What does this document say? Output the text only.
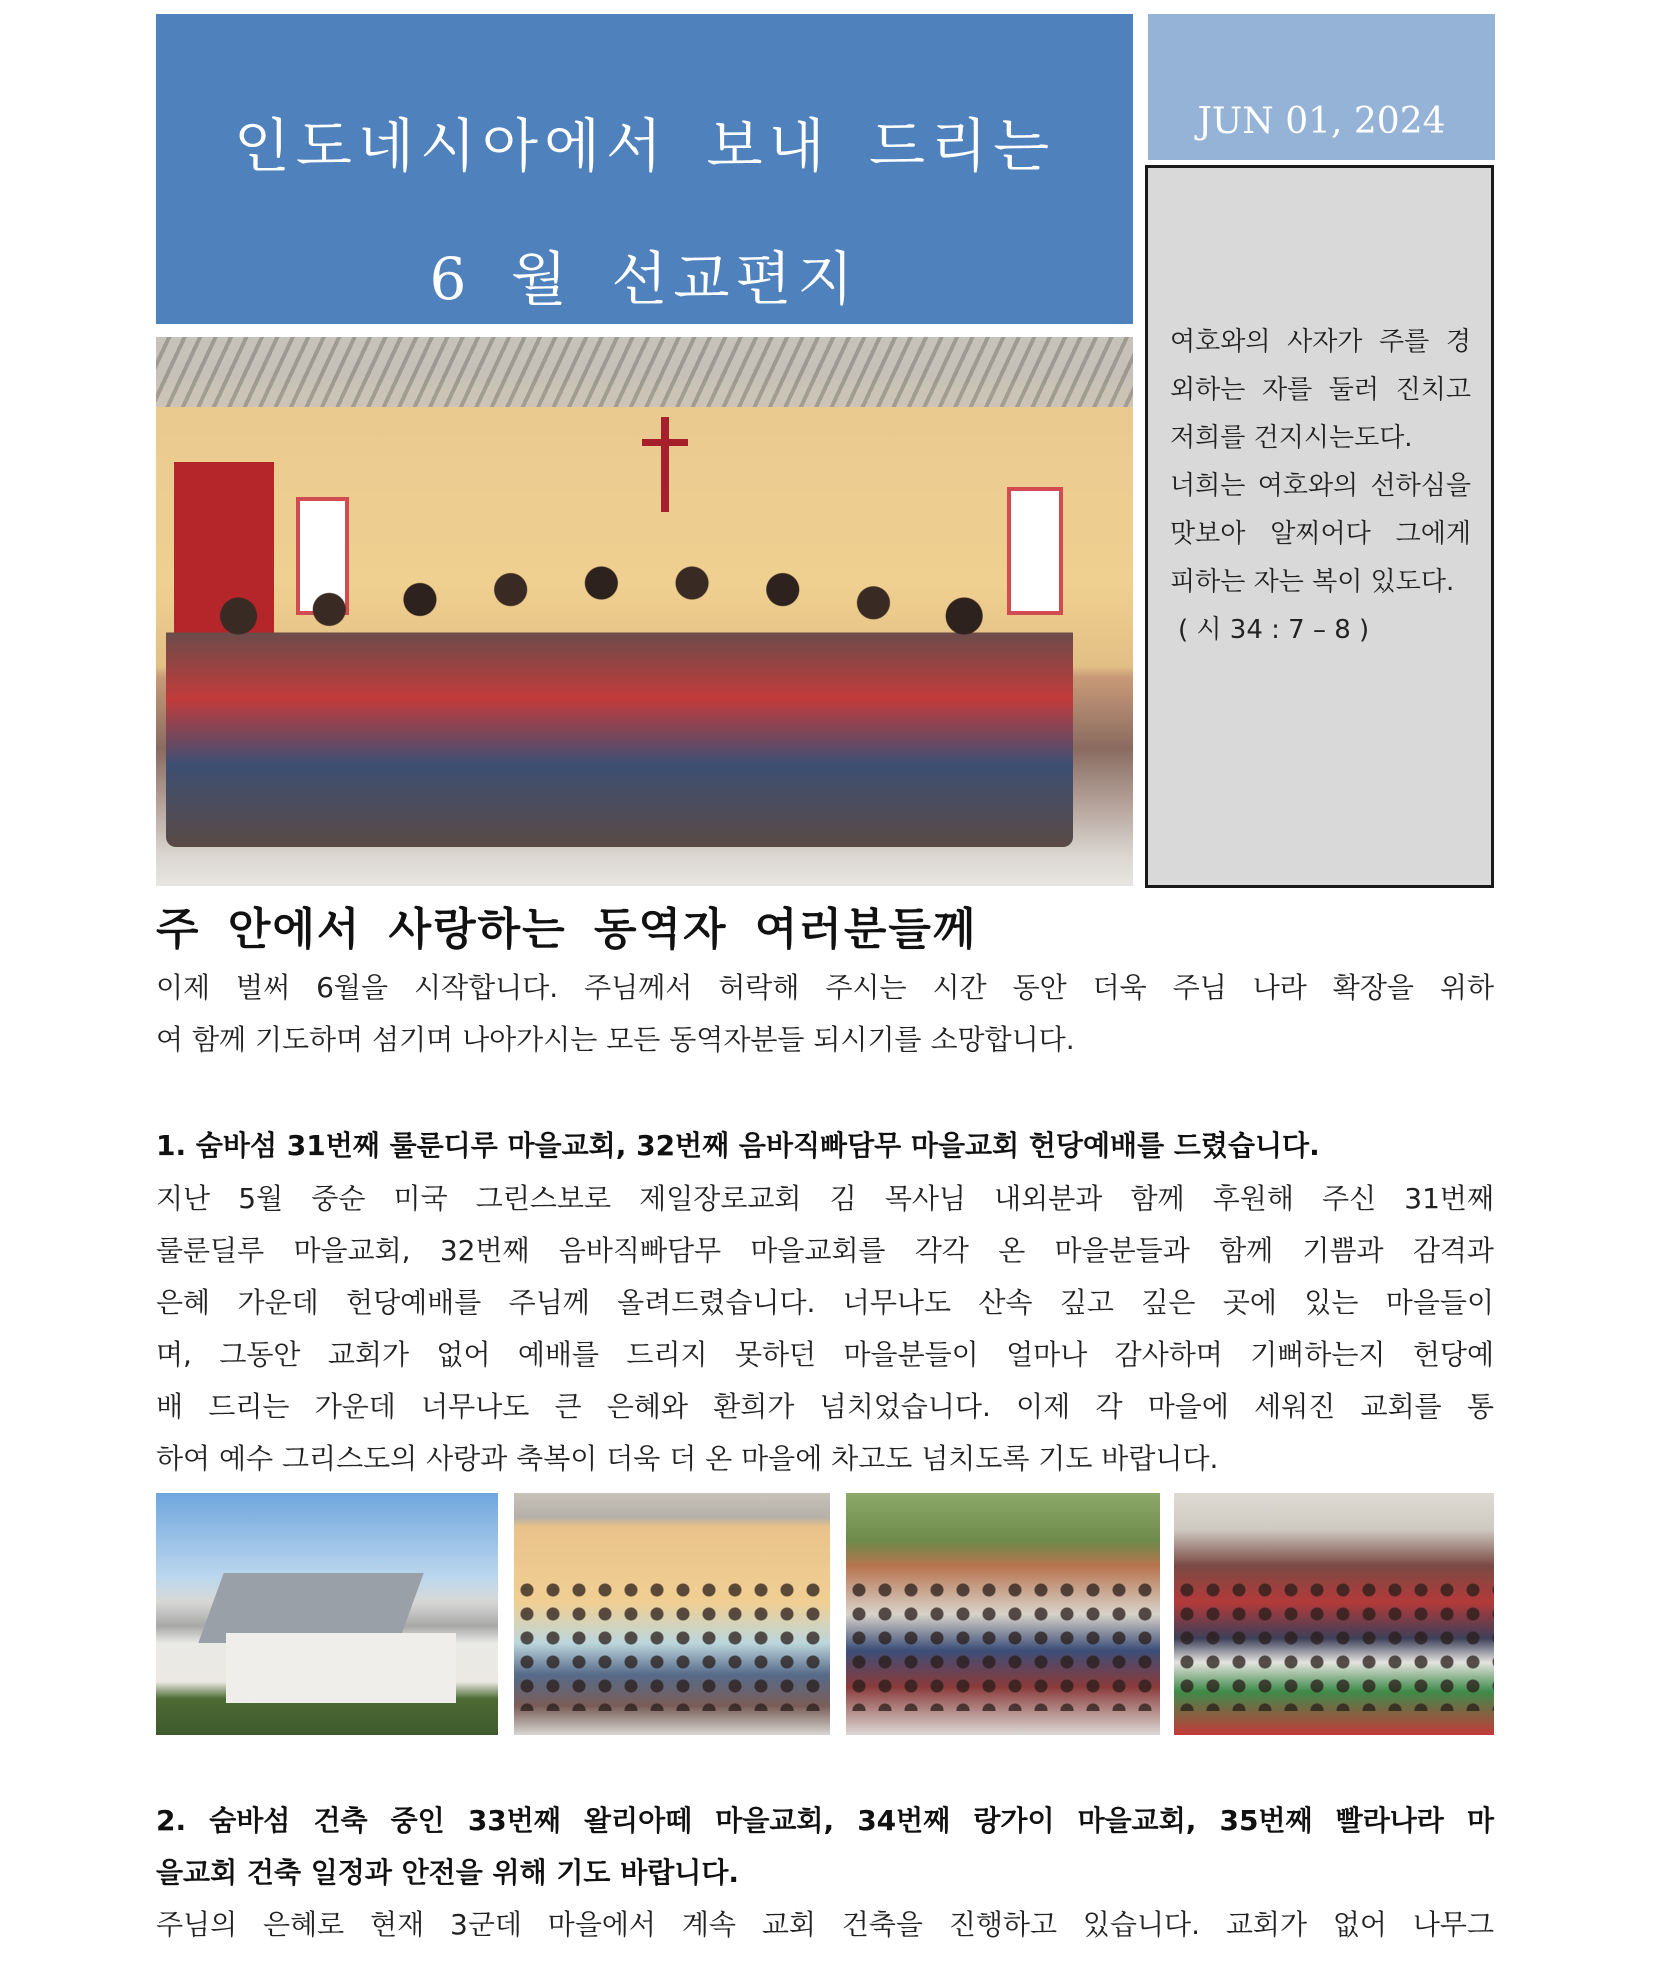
인도네시아에서 보내 드리는
6 월 선교편지
JUN 01, 2024
여호와의 사자가 주를 경외하는 자를 둘러 진치고 저희를 건지시는도다.
너희는 여호와의 선하심을 맛보아 알찌어다 그에게 피하는 자는 복이 있도다.

( 시 34 : 7 – 8 )
주 안에서 사랑하는 동역자 여러분들께

이제 벌써 6월을 시작합니다. 주님께서 허락해 주시는 시간 동안 더욱 주님 나라 확장을 위하

여 함께 기도하며 섬기며 나아가시는 모든 동역자분들 되시기를 소망합니다.

1. 숨바섬 31번째 룰룬디루 마을교회, 32번째 음바직빠담무 마을교회 헌당예배를 드렸습니다.

지난 5월 중순 미국 그린스보로 제일장로교회 김 목사님 내외분과 함께 후원해 주신 31번째

룰룬딜루 마을교회, 32번째 음바직빠담무 마을교회를 각각 온 마을분들과 함께 기쁨과 감격과

은혜 가운데 헌당예배를 주님께 올려드렸습니다. 너무나도 산속 깊고 깊은 곳에 있는 마을들이

며, 그동안 교회가 없어 예배를 드리지 못하던 마을분들이 얼마나 감사하며 기뻐하는지 헌당예

배 드리는 가운데 너무나도 큰 은혜와 환희가 넘치었습니다. 이제 각 마을에 세워진 교회를 통

하여 예수 그리스도의 사랑과 축복이 더욱 더 온 마을에 차고도 넘치도록 기도 바랍니다.

2. 숨바섬 건축 중인 33번째 왈리아떼 마을교회, 34번째 랑가이 마을교회, 35번째 빨라나라 마
을교회 건축 일정과 안전을 위해 기도 바랍니다.

주님의 은혜로 현재 3군데 마을에서 계속 교회 건축을 진행하고 있습니다. 교회가 없어 나무그
